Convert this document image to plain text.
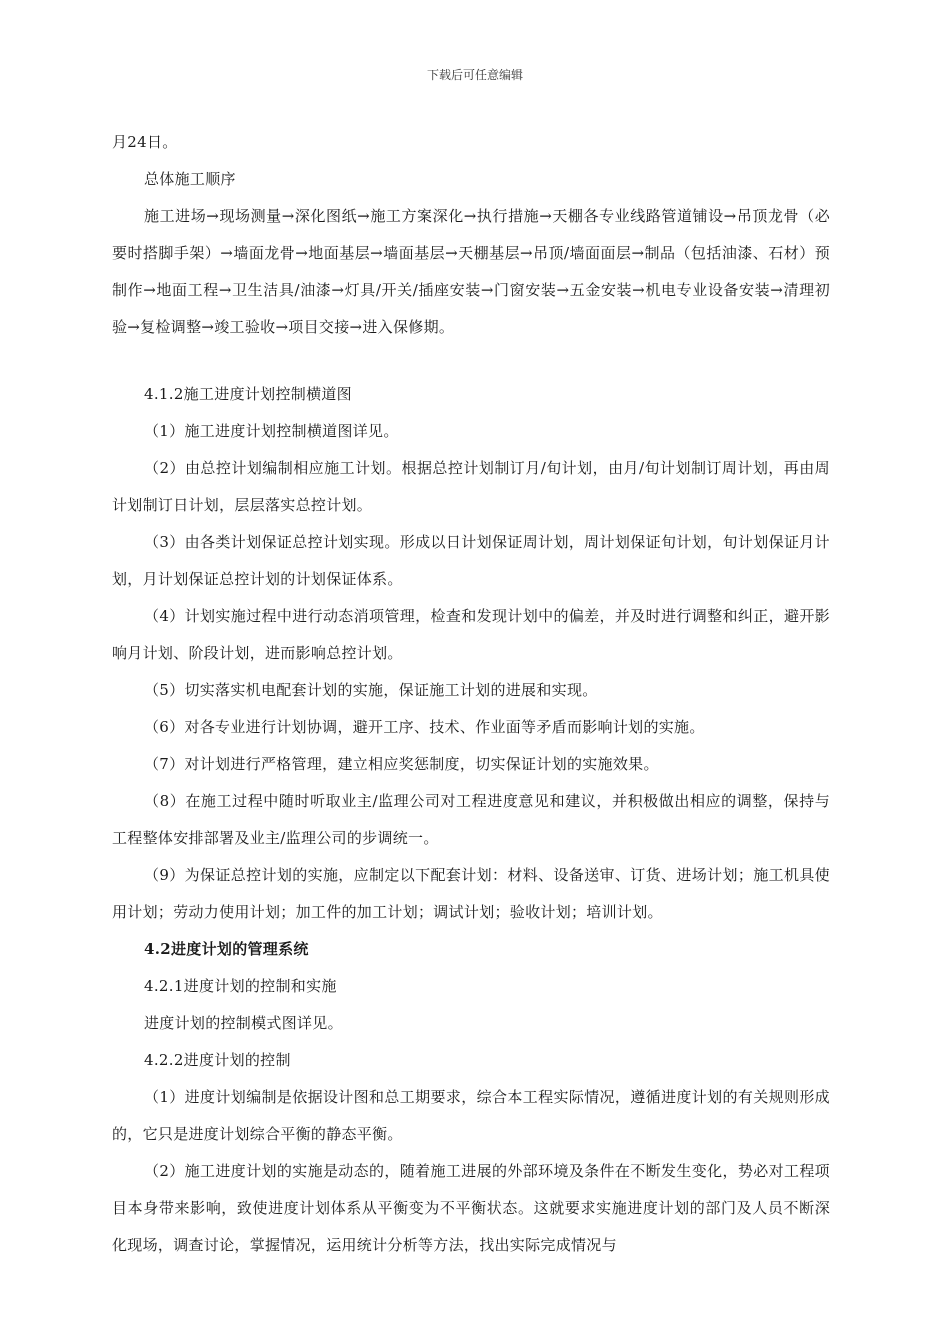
下载后可任意编辑

月24日。

总体施工顺序

施工进场→现场测量→深化图纸→施工方案深化→执行措施→天棚各专业线路管道铺设→吊顶龙骨（必要时搭脚手架）→墙面龙骨→地面基层→墙面基层→天棚基层→吊顶/墙面面层→制品（包括油漆、石材）预制作→地面工程→卫生洁具/油漆→灯具/开关/插座安装→门窗安装→五金安装→机电专业设备安装→清理初验→复检调整→竣工验收→项目交接→进入保修期。

4.1.2施工进度计划控制横道图

（1）施工进度计划控制横道图详见。

（2）由总控计划编制相应施工计划。根据总控计划制订月/旬计划，由月/旬计划制订周计划，再由周计划制订日计划，层层落实总控计划。

（3）由各类计划保证总控计划实现。形成以日计划保证周计划，周计划保证旬计划，旬计划保证月计划，月计划保证总控计划的计划保证体系。

（4）计划实施过程中进行动态消项管理，检查和发现计划中的偏差，并及时进行调整和纠正，避开影响月计划、阶段计划，进而影响总控计划。

（5）切实落实机电配套计划的实施，保证施工计划的进展和实现。

（6）对各专业进行计划协调，避开工序、技术、作业面等矛盾而影响计划的实施。

（7）对计划进行严格管理，建立相应奖惩制度，切实保证计划的实施效果。

（8）在施工过程中随时听取业主/监理公司对工程进度意见和建议，并积极做出相应的调整，保持与工程整体安排部署及业主/监理公司的步调统一。

（9）为保证总控计划的实施，应制定以下配套计划：材料、设备送审、订货、进场计划；施工机具使用计划；劳动力使用计划；加工件的加工计划；调试计划；验收计划；培训计划。

4.2进度计划的管理系统

4.2.1进度计划的控制和实施

进度计划的控制模式图详见。

4.2.2进度计划的控制

（1）进度计划编制是依据设计图和总工期要求，综合本工程实际情况，遵循进度计划的有关规则形成的，它只是进度计划综合平衡的静态平衡。

（2）施工进度计划的实施是动态的，随着施工进展的外部环境及条件在不断发生变化，势必对工程项目本身带来影响，致使进度计划体系从平衡变为不平衡状态。这就要求实施进度计划的部门及人员不断深化现场，调查讨论，掌握情况，运用统计分析等方法，找出实际完成情况与
